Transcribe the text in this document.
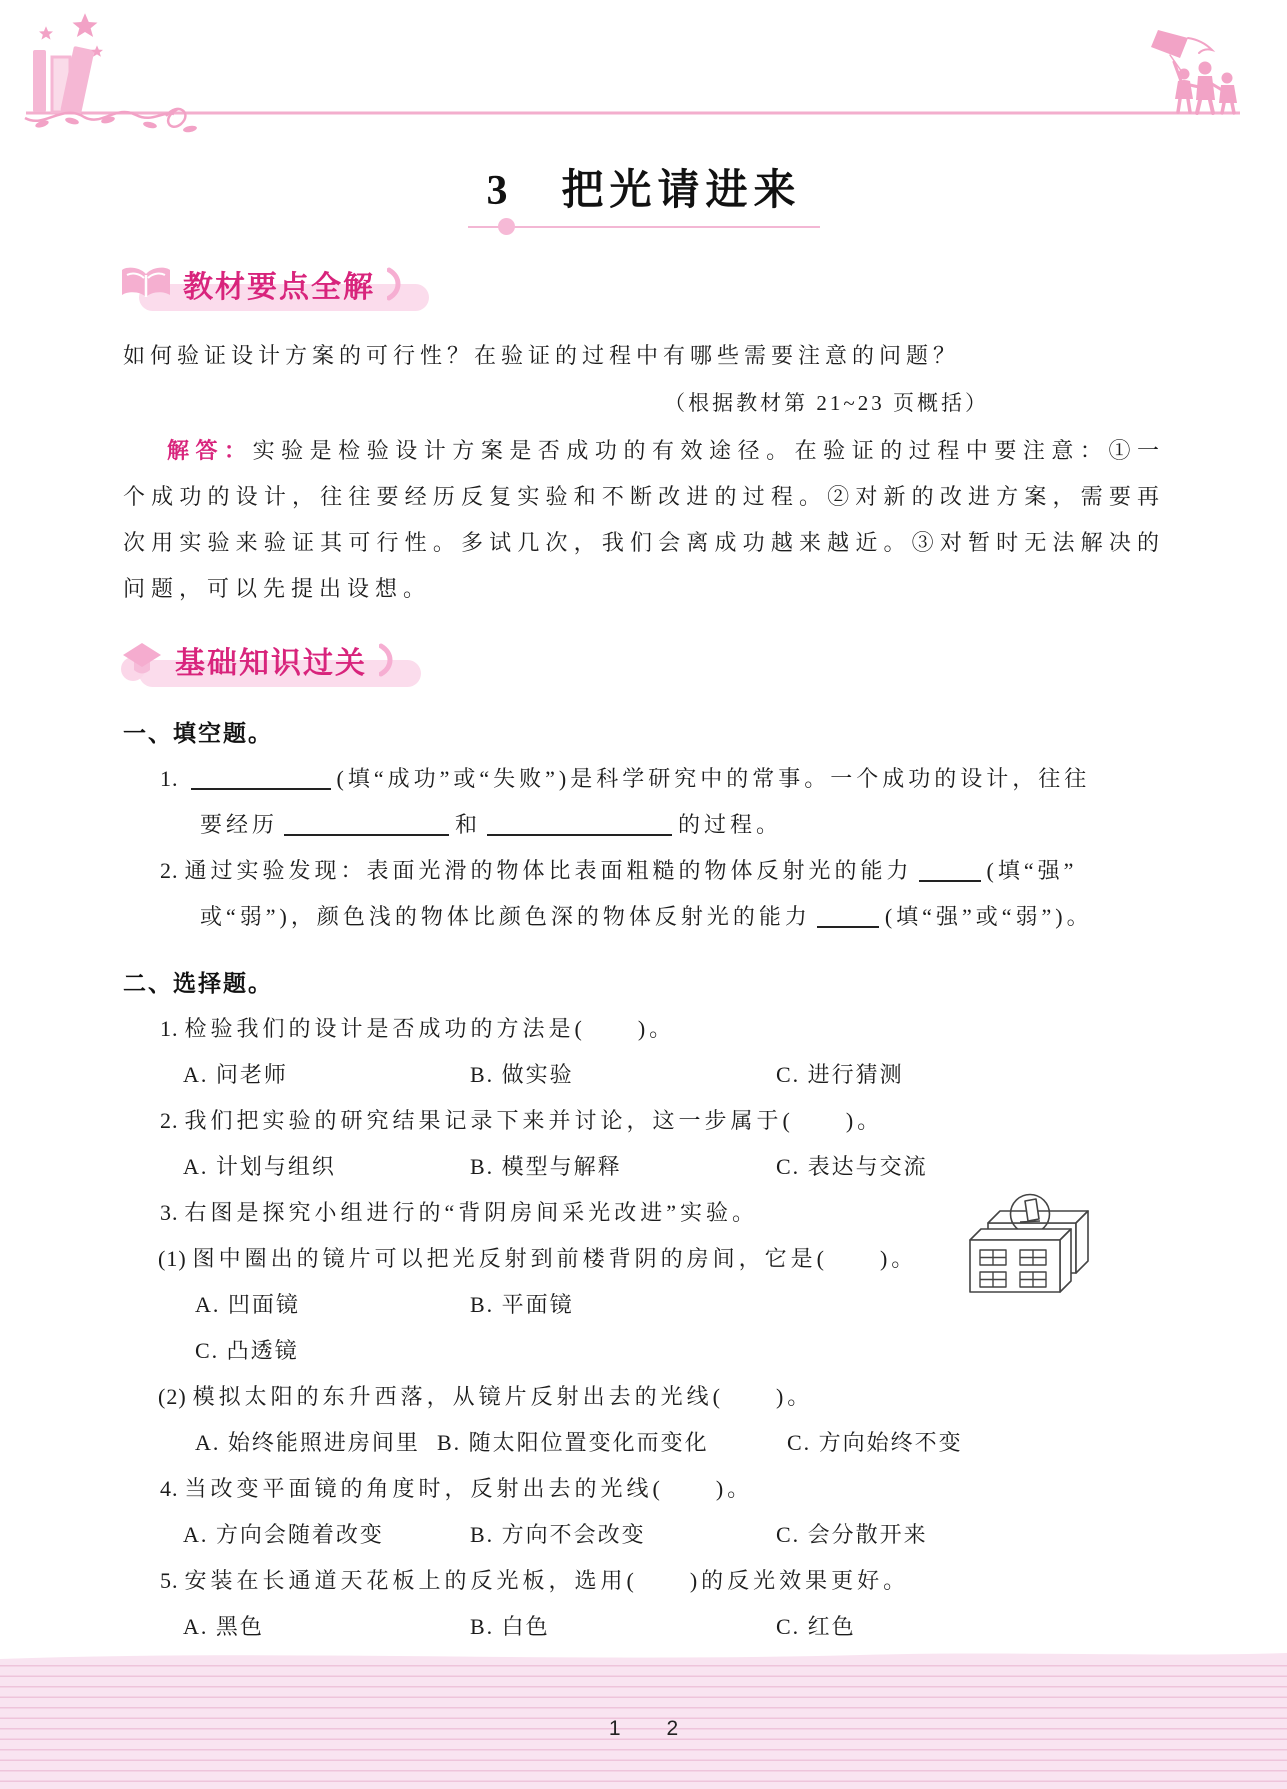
3　把光请进来
教材要点全解

如何验证设计方案的可行性？在验证的过程中有哪些需要注意的问题？

（根据教材第 21~23 页概括）

解答：实验是检验设计方案是否成功的有效途径。在验证的过程中要注意：①一个成功的设计，往往要经历反复实验和不断改进的过程。②对新的改进方案，需要再次用实验来验证其可行性。多试几次，我们会离成功越来越近。③对暂时无法解决的问题，可以先提出设想。

基础知识过关
一、填空题。
1.	(填“成功”或“失败”)是科学研究中的常事。一个成功的设计，往往
要经历	和	的过程。
2. 通过实验发现：表面光滑的物体比表面粗糙的物体反射光的能力	(填“强”
或“弱”)，颜色浅的物体比颜色深的物体反射光的能力	(填“强”或“弱”)。
二、选择题。
1. 检验我们的设计是否成功的方法是(　　)。
A. 问老师	B. 做实验	C. 进行猜测
2. 我们把实验的研究结果记录下来并讨论，这一步属于(　　)。
A. 计划与组织	B. 模型与解释	C. 表达与交流
3. 右图是探究小组进行的“背阴房间采光改进”实验。
(1) 图中圈出的镜片可以把光反射到前楼背阴的房间，它是(　　)。
A. 凹面镜	B. 平面镜
C. 凸透镜
(2) 模拟太阳的东升西落，从镜片反射出去的光线(　　)。
A. 始终能照进房间里 B. 随太阳位置变化而变化	C. 方向始终不变
4. 当改变平面镜的角度时，反射出去的光线(　　)。
A. 方向会随着改变	B. 方向不会改变	C. 会分散开来
5. 安装在长通道天花板上的反光板，选用(　　)的反光效果更好。
A. 黑色	B. 白色	C. 红色
1 2
